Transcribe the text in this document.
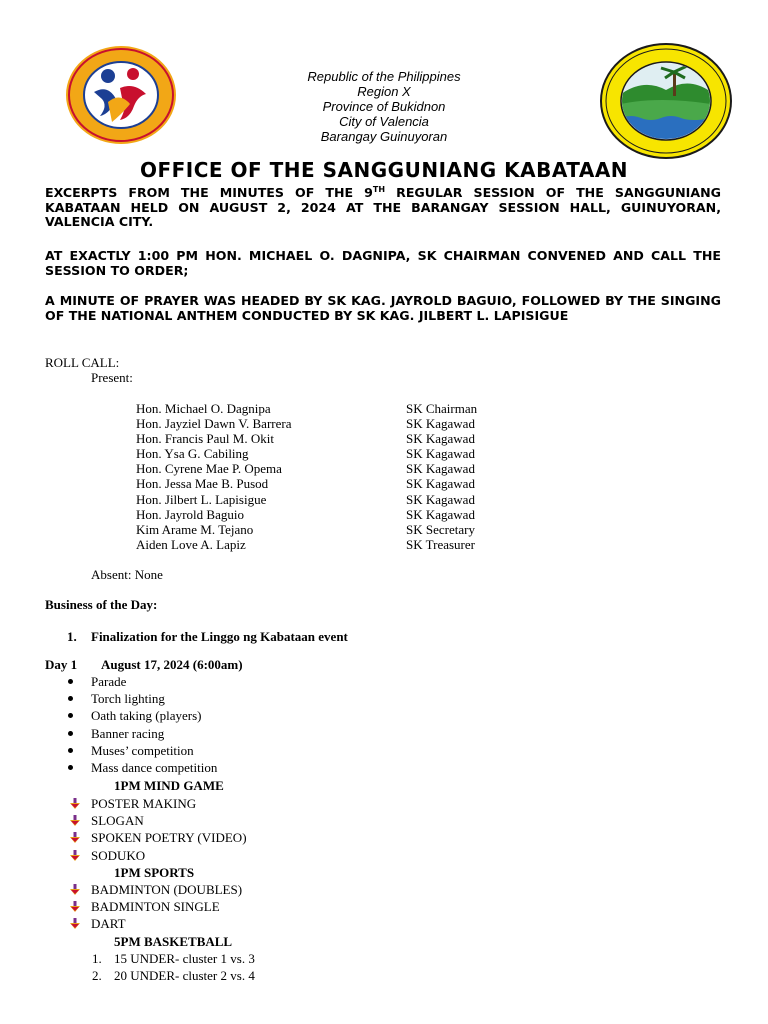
Republic of the Philippines
Region X
Province of Bukidnon
City of Valencia
Barangay Guinuyoran
OFFICE OF THE SANGGUNIANG KABATAAN
EXCERPTS FROM THE MINUTES OF THE 9TH REGULAR SESSION OF THE SANGGUNIANG KABATAAN HELD ON AUGUST 2, 2024 AT THE BARANGAY SESSION HALL, GUINUYORAN, VALENCIA CITY.
AT EXACTLY 1:00 PM HON. MICHAEL O. DAGNIPA, SK CHAIRMAN CONVENED AND CALL THE SESSION TO ORDER;
A MINUTE OF PRAYER WAS HEADED BY SK KAG. JAYROLD BAGUIO, FOLLOWED BY THE SINGING OF THE NATIONAL ANTHEM CONDUCTED BY SK KAG. JILBERT L. LAPISIGUE
ROLL CALL:
Present:
Hon. Michael O. Dagnipa	SK Chairman
Hon. Jayziel Dawn V. Barrera	SK Kagawad
Hon. Francis Paul M. Okit	SK Kagawad
Hon. Ysa G. Cabiling	SK Kagawad
Hon. Cyrene Mae P. Opema	SK Kagawad
Hon. Jessa Mae B. Pusod	SK Kagawad
Hon. Jilbert L. Lapisigue	SK Kagawad
Hon. Jayrold Baguio	SK Kagawad
Kim Arame M. Tejano	SK Secretary
Aiden Love A. Lapiz	SK Treasurer
Absent: None
Business of the Day:
1. Finalization for the Linggo ng Kabataan event
Day 1 August 17, 2024 (6:00am)
Parade
Torch lighting
Oath taking (players)
Banner racing
Muses’ competition
Mass dance competition
1PM MIND GAME
POSTER MAKING
SLOGAN
SPOKEN POETRY (VIDEO)
SODUKO
1PM SPORTS
BADMINTON (DOUBLES)
BADMINTON SINGLE
DART
5PM BASKETBALL
1. 15 UNDER- cluster 1 vs. 3
2. 20 UNDER- cluster 2 vs. 4
